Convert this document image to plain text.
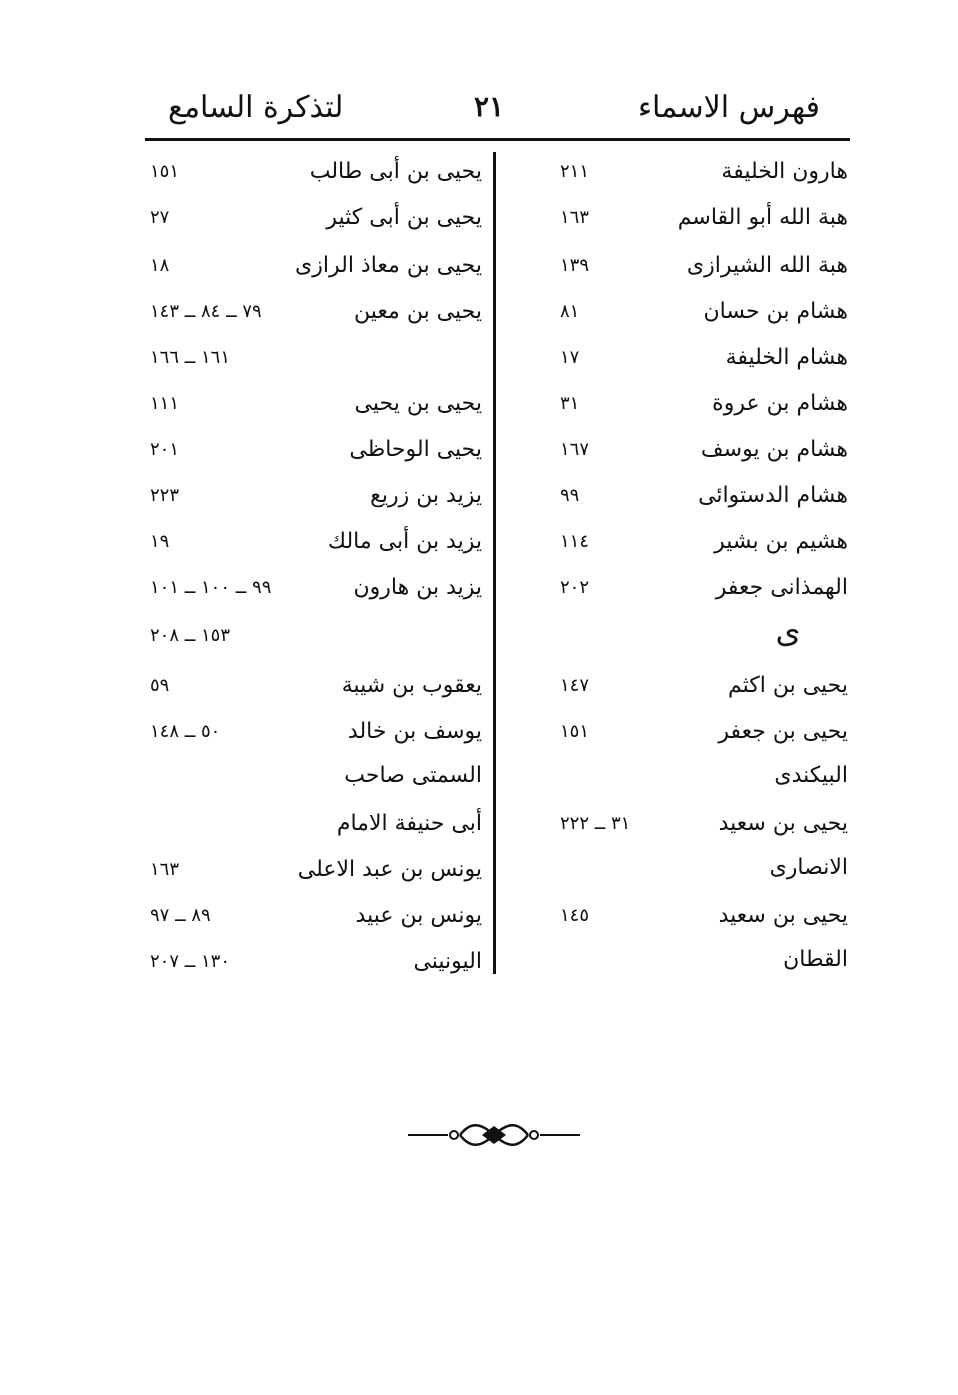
فهرس الاسماء
٢١
لتذكرة السامع
هارون الخليفة
٢١١
هبة الله أبو القاسم
١٦٣
هبة الله الشيرازى
١٣٩
هشام بن حسان
٨١
هشام الخليفة
١٧
هشام بن عروة
٣١
هشام بن يوسف
١٦٧
هشام الدستوائى
٩٩
هشيم بن بشير
١١٤
الهمذانى جعفر
٢٠٢
ى
يحيى بن اكثم
١٤٧
يحيى بن جعفر
١٥١
البيكندى
يحيى بن سعيد
٣١ ــ ٢٢٢
الانصارى
يحيى بن سعيد
١٤٥
القطان
يحيى بن أبى طالب
١٥١
يحيى بن أبى كثير
٢٧
يحيى بن معاذ الرازى
١٨
يحيى بن معين
٧٩ ــ ٨٤ ــ ١٤٣
١٦١ ــ ١٦٦
يحيى بن يحيى
١١١
يحيى الوحاظى
٢٠١
يزيد بن زريع
٢٢٣
يزيد بن أبى مالك
١٩
يزيد بن هارون
٩٩ ــ ١٠٠ ــ ١٠١
١٥٣ ــ ٢٠٨
يعقوب بن شيبة
٥٩
يوسف بن خالد
٥٠ ــ ١٤٨
السمتى صاحب
أبى حنيفة الامام
يونس بن عبد الاعلى
١٦٣
يونس بن عبيد
٨٩ ــ ٩٧
اليونينى
١٣٠ ــ ٢٠٧
